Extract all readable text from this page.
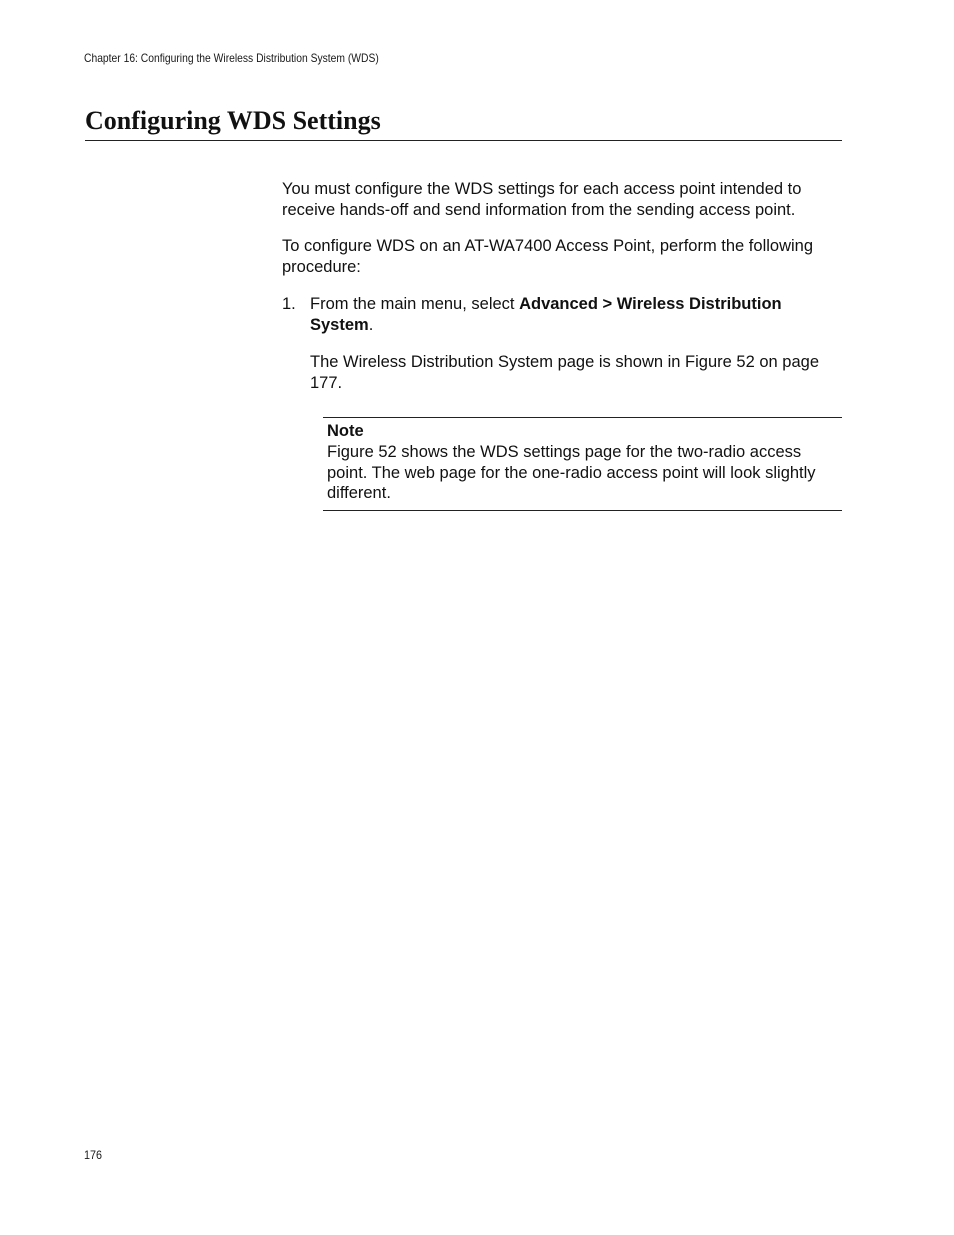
Chapter 16: Configuring the Wireless Distribution System (WDS)
Configuring WDS Settings

You must configure the WDS settings for each access point intended to receive hands-off and send information from the sending access point.

To configure WDS on an AT-WA7400 Access Point, perform the following procedure:

1. From the main menu, select Advanced > Wireless Distribution System.

The Wireless Distribution System page is shown in Figure 52 on page 177.

Note
Figure 52 shows the WDS settings page for the two-radio access point. The web page for the one-radio access point will look slightly different.
176
